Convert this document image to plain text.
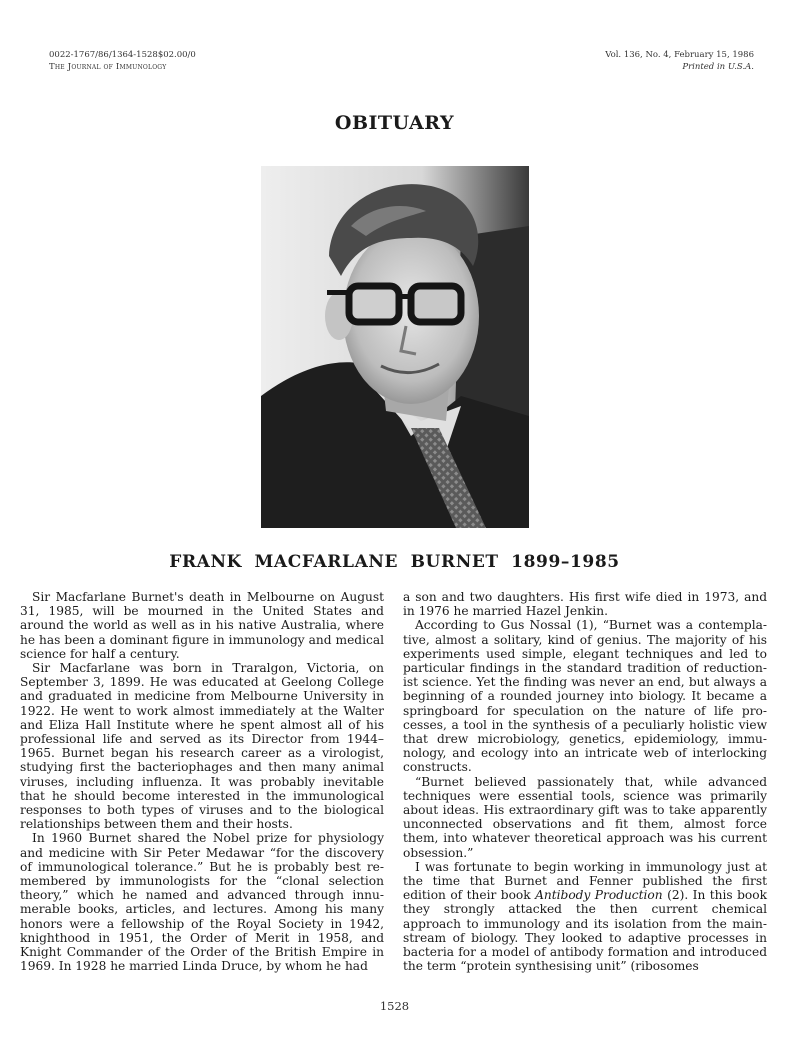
0022-1767/86/1364-1528$02.00/0
The Journal of Immunology
Vol. 136, No. 4, February 15, 1986
Printed in U.S.A.
OBITUARY
FRANK MACFARLANE BURNET 1899–1985

Sir Macfarlane Burnet's death in Melbourne on August 31, 1985, will be mourned in the United States and around the world as well as in his native Australia, where he has been a dominant figure in immunology and medical science for half a century.

Sir Macfarlane was born in Traralgon, Victoria, on September 3, 1899. He was educated at Geelong College and graduated in medicine from Melbourne University in 1922. He went to work almost immediately at the Walter and Eliza Hall Institute where he spent almost all of his professional life and served as its Director from 1944–1965. Burnet began his research career as a virologist, studying first the bacteriophages and then many animal viruses, including influenza. It was probably inevitable that he should become interested in the immunological responses to both types of viruses and to the biological relationships between them and their hosts.

In 1960 Burnet shared the Nobel prize for physiology and medicine with Sir Peter Medawar “for the discovery of immunological tolerance.” But he is probably best remembered by immunologists for the “clonal selection theory,” which he named and advanced through innumerable books, articles, and lectures. Among his many honors were a fellowship of the Royal Society in 1942, knighthood in 1951, the Order of Merit in 1958, and Knight Commander of the Order of the British Empire in 1969. In 1928 he married Linda Druce, by whom he had

a son and two daughters. His first wife died in 1973, and in 1976 he married Hazel Jenkin.

According to Gus Nossal (1), “Burnet was a contemplative, almost a solitary, kind of genius. The majority of his experiments used simple, elegant techniques and led to particular findings in the standard tradition of reductionist science. Yet the finding was never an end, but always a beginning of a rounded journey into biology. It became a springboard for speculation on the nature of life processes, a tool in the synthesis of a peculiarly holistic view that drew microbiology, genetics, epidemiology, immunology, and ecology into an intricate web of interlocking constructs.

“Burnet believed passionately that, while advanced techniques were essential tools, science was primarily about ideas. His extraordinary gift was to take apparently unconnected observations and fit them, almost force them, into whatever theoretical approach was his current obsession.”

I was fortunate to begin working in immunology just at the time that Burnet and Fenner published the first edition of their book Antibody Production (2). In this book they strongly attacked the then current chemical approach to immunology and its isolation from the mainstream of biology. They looked to adaptive processes in bacteria for a model of antibody formation and introduced the term “protein synthesising unit” (ribosomes

1528
